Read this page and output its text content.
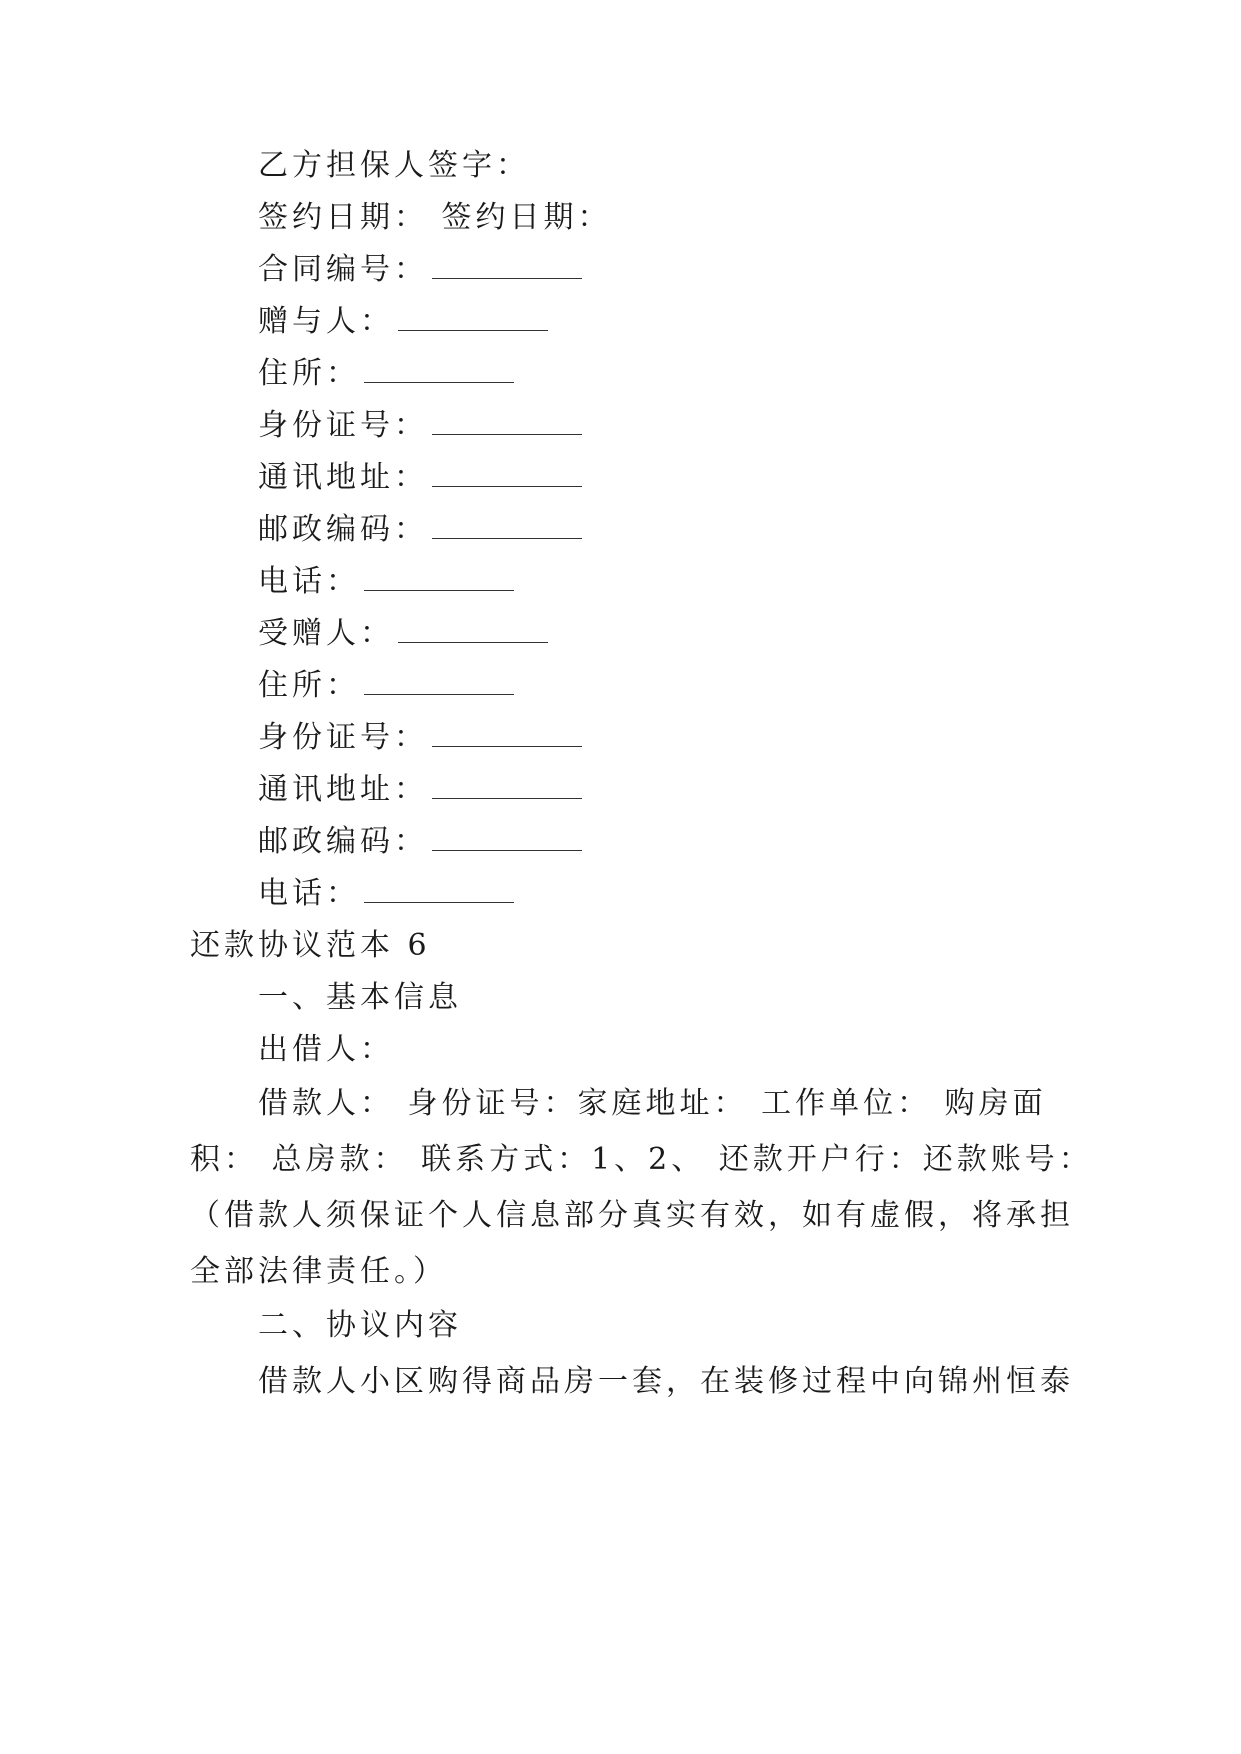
乙方担保人签字：
签约日期： 签约日期：
合同编号：
赠与人：
住所：
身份证号：
通讯地址：
邮政编码：
电话：
受赠人：
住所：
身份证号：
通讯地址：
邮政编码：
电话：
还款协议范本 6
一、基本信息
出借人：
借款人： 身份证号：家庭地址： 工作单位： 购房面
积： 总房款： 联系方式：1、2、 还款开户行：还款账号：
（借款人须保证个人信息部分真实有效，如有虚假，将承担
全部法律责任。）
二、协议内容
借款人小区购得商品房一套，在装修过程中向锦州恒泰
